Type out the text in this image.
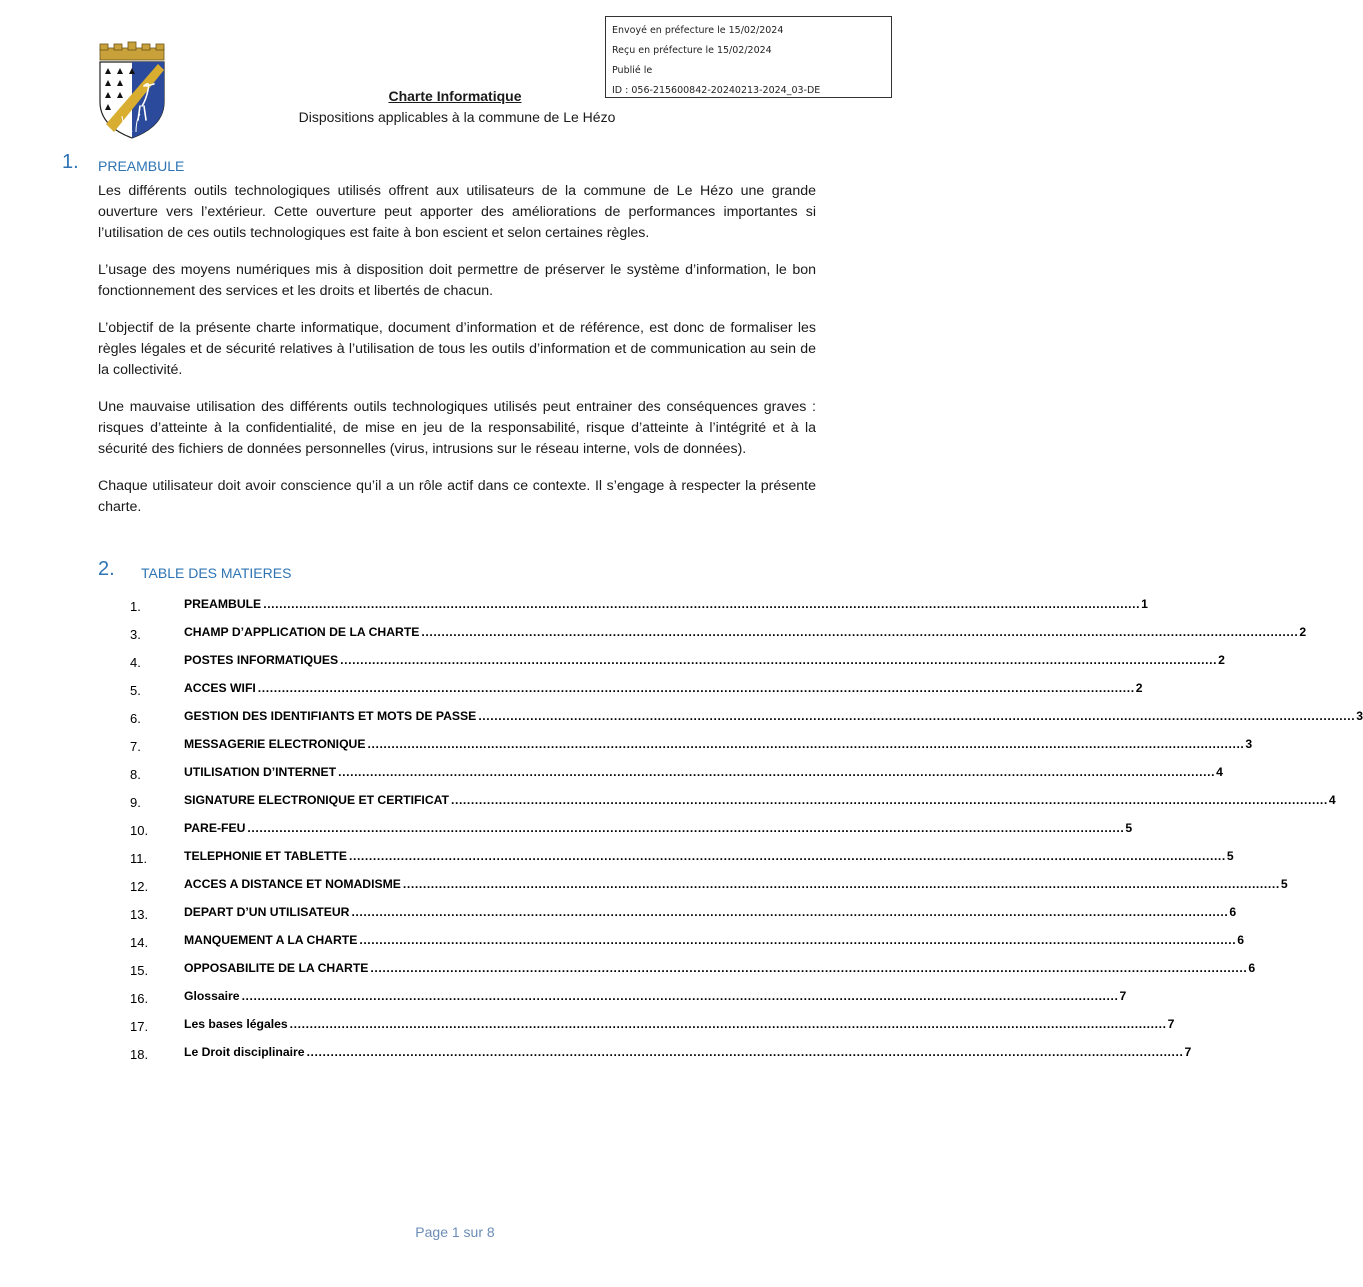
Envoyé en préfecture le 15/02/2024
Reçu en préfecture le 15/02/2024
Publié le
ID : 056-215600842-20240213-2024_03-DE
Charte Informatique
Dispositions applicables à la commune de Le Hézo
1. PREAMBULE

Les différents outils technologiques utilisés offrent aux utilisateurs de la commune de Le Hézo une grande ouverture vers l’extérieur. Cette ouverture peut apporter des améliorations de performances importantes si l’utilisation de ces outils technologiques est faite à bon escient et selon certaines règles.

L’usage des moyens numériques mis à disposition doit permettre de préserver le système d’information, le bon fonctionnement des services et les droits et libertés de chacun.

L’objectif de la présente charte informatique, document d’information et de référence, est donc de formaliser les règles légales et de sécurité relatives à l’utilisation de tous les outils d’information et de communication au sein de la collectivité.

Une mauvaise utilisation des différents outils technologiques utilisés peut entrainer des conséquences graves : risques d’atteinte à la confidentialité, de mise en jeu de la responsabilité, risque d’atteinte à l’intégrité et à la sécurité des fichiers de données personnelles (virus, intrusions sur le réseau interne, vols de données).

Chaque utilisateur doit avoir conscience qu’il a un rôle actif dans ce contexte. Il s’engage à respecter la présente charte.

2. TABLE DES MATIERES
1.	PREAMBULE ............................................................................................................................................................................................................................ 1
3.	CHAMP D’APPLICATION DE LA CHARTE ............................................................................................................................................................................................................................ 2
4.	POSTES INFORMATIQUES ............................................................................................................................................................................................................................ 2
5.	ACCES WIFI ............................................................................................................................................................................................................................ 2
6.	GESTION DES IDENTIFIANTS ET MOTS DE PASSE ............................................................................................................................................................................................................................ 3
7.	MESSAGERIE ELECTRONIQUE ............................................................................................................................................................................................................................ 3
8.	UTILISATION D’INTERNET ............................................................................................................................................................................................................................ 4
9.	SIGNATURE ELECTRONIQUE ET CERTIFICAT ............................................................................................................................................................................................................................ 4
10.	PARE-FEU ............................................................................................................................................................................................................................ 5
11.	TELEPHONIE ET TABLETTE ............................................................................................................................................................................................................................ 5
12.	ACCES A DISTANCE ET NOMADISME ............................................................................................................................................................................................................................ 5
13.	DEPART D’UN UTILISATEUR ............................................................................................................................................................................................................................ 6
14.	MANQUEMENT A LA CHARTE ............................................................................................................................................................................................................................ 6
15.	OPPOSABILITE DE LA CHARTE ............................................................................................................................................................................................................................ 6
16.	Glossaire ............................................................................................................................................................................................................................ 7
17.	Les bases légales ............................................................................................................................................................................................................................ 7
18.	Le Droit disciplinaire ............................................................................................................................................................................................................................ 7
Page 1 sur 8
